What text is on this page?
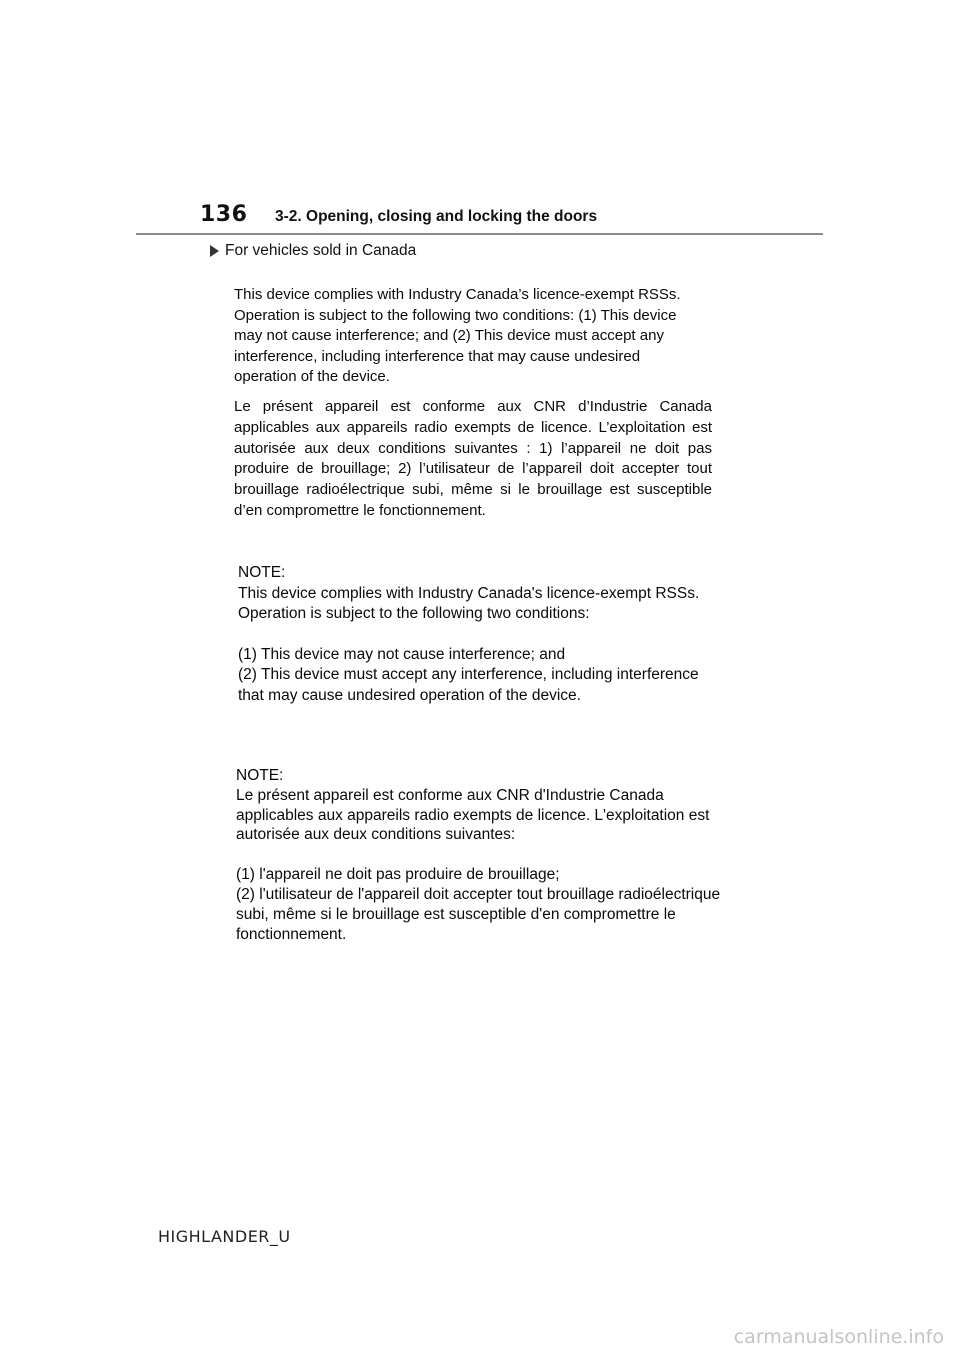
136 3-2. Opening, closing and locking the doors
For vehicles sold in Canada

This device complies with Industry Canada’s licence-exempt RSSs.

Operation is subject to the following two conditions: (1) This device

may not cause interference; and (2) This device must accept any

interference, including interference that may cause undesired

operation of the device.

Le présent appareil est conforme aux CNR d’Industrie Canada

applicables aux appareils radio exempts de licence. L’exploitation est

autorisée aux deux conditions suivantes : 1) l’appareil ne doit pas

produire de brouillage; 2) l’utilisateur de l’appareil doit accepter tout

brouillage radioélectrique subi, même si le brouillage est susceptible

d’en compromettre le fonctionnement.

NOTE:

This device complies with Industry Canada's licence-exempt RSSs.

Operation is subject to the following two conditions:

(1) This device may not cause interference; and

(2) This device must accept any interference, including interference

that may cause undesired operation of the device.

NOTE:

Le présent appareil est conforme aux CNR d'Industrie Canada

applicables aux appareils radio exempts de licence. L'exploitation est

autorisée aux deux conditions suivantes:

(1) l'appareil ne doit pas produire de brouillage;

(2) l'utilisateur de l'appareil doit accepter tout brouillage radioélectrique

subi, même si le brouillage est susceptible d'en compromettre le

fonctionnement.

HIGHLANDER_U
carmanualsonline.info
